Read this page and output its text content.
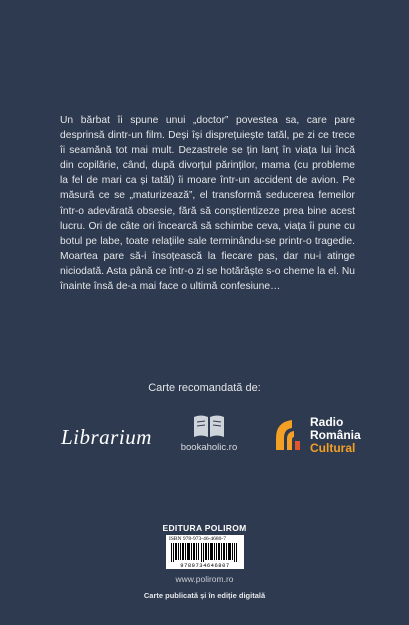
Un bărbat îi spune unui „doctor” povestea sa, care pare desprinsă dintr-un film. Deși își disprețuiește tatăl, pe zi ce trece îi seamănă tot mai mult. Dezastrele se țin lanț în viața lui încă din copilărie, când, după divorțul părinților, mama (cu probleme la fel de mari ca și tatăl) îi moare într-un accident de avion. Pe măsură ce se „maturizează”, el transformă seducerea femeilor într-o adevărată obsesie, fără să conștientizeze prea bine acest lucru. Ori de câte ori încearcă să schimbe ceva, viața îi pune cu botul pe labe, toate relațiile sale terminându-se printr-o tragedie. Moartea pare să-i însoțească la fiecare pas, dar nu-i atinge niciodată. Asta până ce într-o zi se hotărăște s-o cheme la el. Nu înainte însă de-a mai face o ultimă confesiune…

Carte recomandată de:
Librarium	bookaholic.ro
Radio
România
Cultural
EDITURA POLIROM
ISBN 978-973-46-4680-7
9789734646807
www.polirom.ro
Carte publicată și în ediție digitală
